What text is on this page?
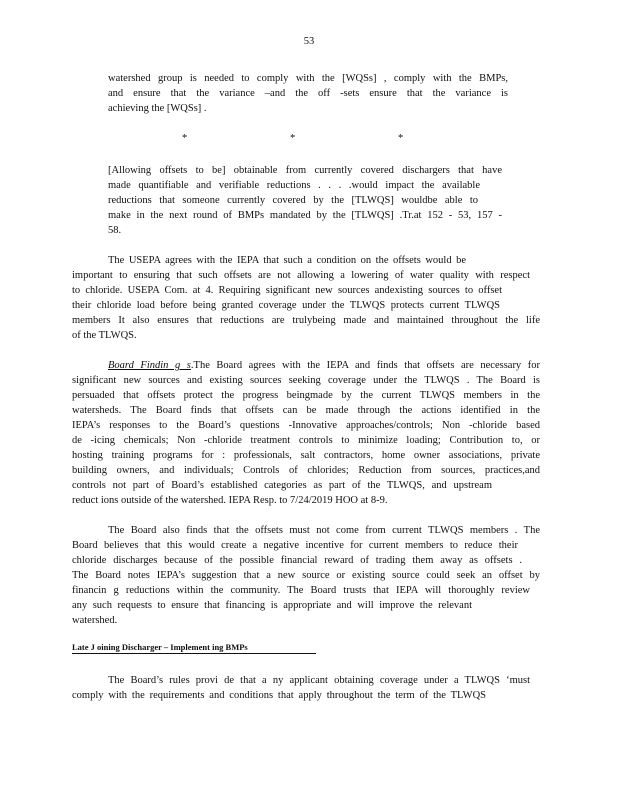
53
watershed group is needed to comply with the [WQSs] , comply with the BMPs,
and ensure that the variance –and the off -sets ensure that the variance is
achieving the [WQSs] .
*	*	*
[Allowing offsets to be] obtainable from currently covered dischargers that have
made quantifiable and verifiable reductions . . . .would impact the available
reductions that someone currently covered by the [TLWQS] wouldbe able to
make in the next round of BMPs mandated by the [TLWQS] .Tr.at 152 - 53, 157 -
58.
The USEPA agrees with the IEPA that such a condition on the offsets would be
important to ensuring that such offsets are not allowing a lowering of water quality with respect
to chloride. USEPA Com. at 4. Requiring significant new sources andexisting sources to offset
their chloride load before being granted coverage under the TLWQS protects current TLWQS
members It also ensures that reductions are trulybeing made and maintained throughout the life
of the TLWQS.
Board Findin g s.The Board agrees with the IEPA and finds that offsets are necessary for
significant new sources and existing sources seeking coverage under the TLWQS . The Board is
persuaded that offsets protect the progress beingmade by the current TLWQS members in the
watersheds. The Board finds that offsets can be made through the actions identified in the
IEPA’s responses to the Board’s questions -Innovative approaches/controls; Non -chloride based
de -icing chemicals; Non -chloride treatment controls to minimize loading; Contribution to, or
hosting training programs for : professionals, salt contractors, home owner associations, private
building owners, and individuals; Controls of chlorides; Reduction from sources, practices,and
controls not part of Board’s established categories as part of the TLWQS, and upstream
reduct ions outside of the watershed. IEPA Resp. to 7/24/2019 HOO at 8-9.
The Board also finds that the offsets must not come from current TLWQS members . The
Board believes that this would create a negative incentive for current members to reduce their
chloride discharges because of the possible financial reward of trading them away as offsets .
The Board notes IEPA’s suggestion that a new source or existing source could seek an offset by
financin g reductions within the community. The Board trusts that IEPA will thoroughly review
any such requests to ensure that financing is appropriate and will improve the relevant
watershed.
Late J oining Discharger – Implement ing BMPs
The Board’s rules provi de that a ny applicant obtaining coverage under a TLWQS ‘must
comply with the requirements and conditions that apply throughout the term of the TLWQS
